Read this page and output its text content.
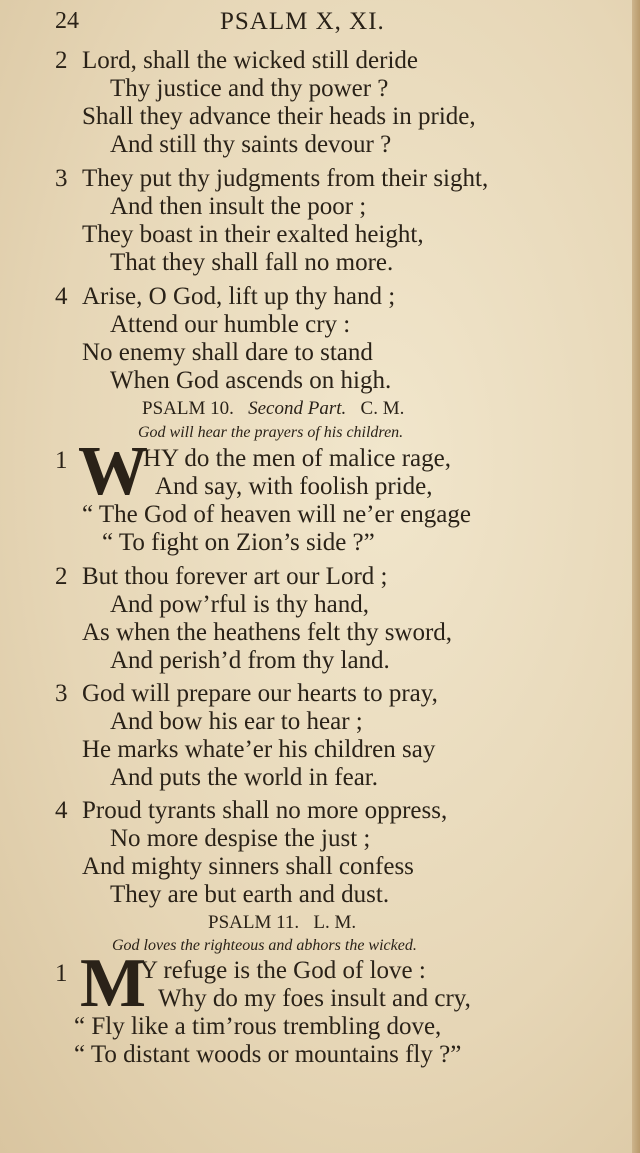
24	PSALM X, XI.
2 Lord, shall the wicked still deride
Thy justice and thy power ?
Shall they advance their heads in pride,
And still thy saints devour ?
3 They put thy judgments from their sight,
And then insult the poor ;
They boast in their exalted height,
That they shall fall no more.
4 Arise, O God, lift up thy hand ;
Attend our humble cry :
No enemy shall dare to stand
When God ascends on high.
PSALM 10. Second Part. C. M.
God will hear the prayers of his children.
1 W
HY do the men of malice rage,
And say, with foolish pride,
“ The God of heaven will ne’er engage
“ To fight on Zion’s side ?”
2 But thou forever art our Lord ;
And pow’rful is thy hand,
As when the heathens felt thy sword,
And perish’d from thy land.
3 God will prepare our hearts to pray,
And bow his ear to hear ;
He marks whate’er his children say
And puts the world in fear.
4 Proud tyrants shall no more oppress,
No more despise the just ;
And mighty sinners shall confess
They are but earth and dust.
PSALM 11. L. M.
God loves the righteous and abhors the wicked.
1 M
Y refuge is the God of love :
Why do my foes insult and cry,
“ Fly like a tim’rous trembling dove,
“ To distant woods or mountains fly ?”
